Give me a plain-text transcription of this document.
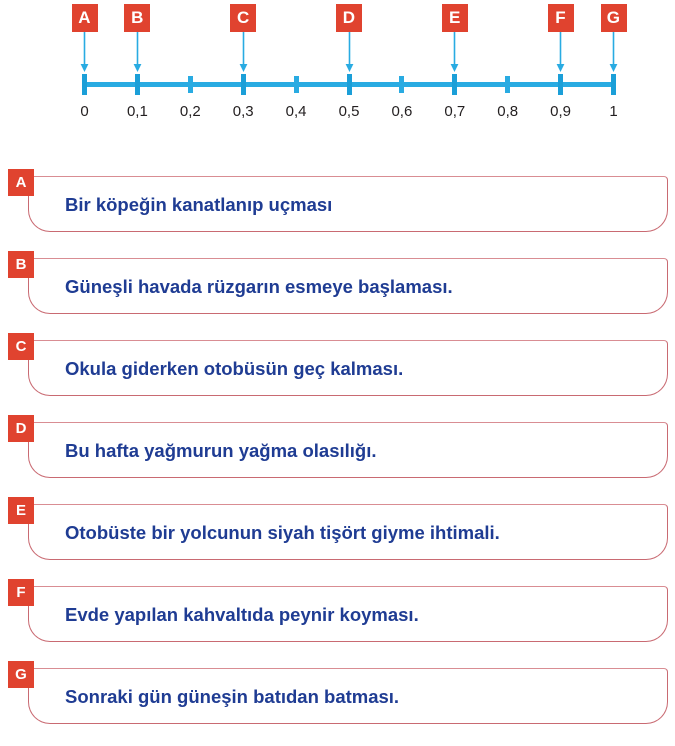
0	0,1	0,2	0,3	0,4	0,5	0,6	0,7	0,8	0,9	1
A	B	C	D	E	F	G
Bir köpeğin kanatlanıp uçması
A
Güneşli havada rüzgarın esmeye başlaması.
B
Okula giderken otobüsün geç kalması.
C
Bu hafta yağmurun yağma olasılığı.
D
Otobüste bir yolcunun siyah tişört giyme ihtimali.
E
Evde yapılan kahvaltıda peynir koyması.
F
Sonraki gün güneşin batıdan batması.
G
